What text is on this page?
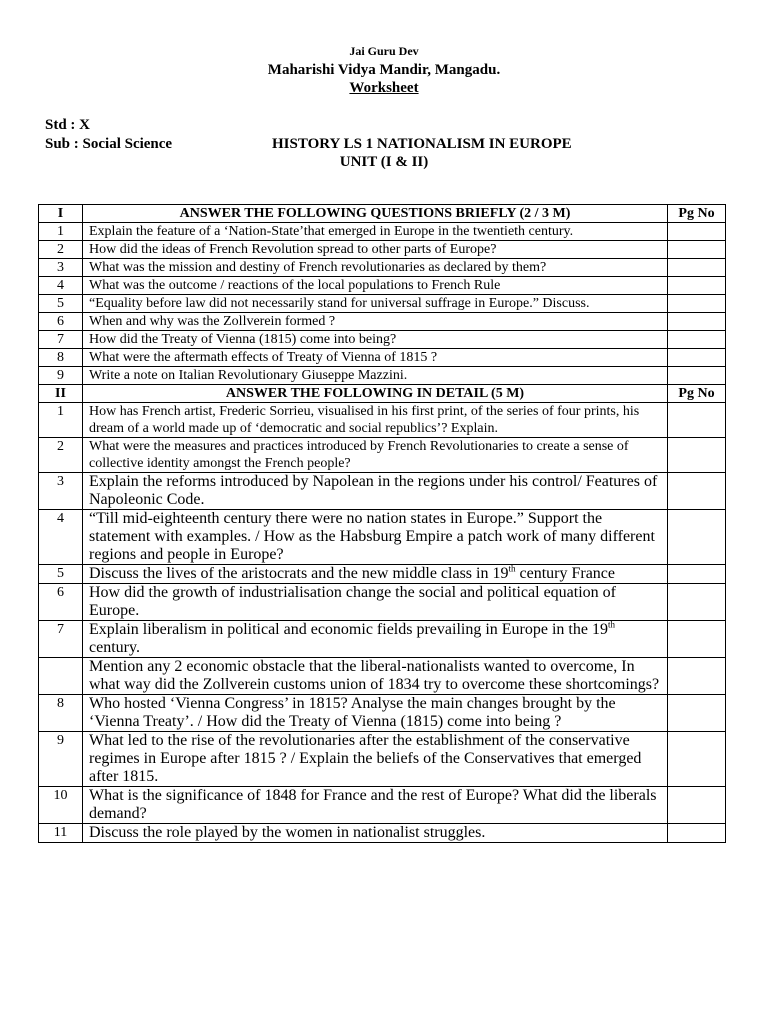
Jai Guru Dev
Maharishi Vidya Mandir, Mangadu.
Worksheet
Std : X
Sub : Social Science	HISTORY LS 1 NATIONALISM IN EUROPE
UNIT (I & II)
I	ANSWER THE FOLLOWING QUESTIONS BRIEFLY (2 / 3 M)	Pg No
1	Explain the feature of a ‘Nation-State’that emerged in Europe in the twentieth century.	
2	How did the ideas of French Revolution spread to other parts of Europe?	
3	What was the mission and destiny of French revolutionaries as declared by them?	
4	What was the outcome / reactions of the local populations to French Rule	
5	“Equality before law did not necessarily stand for universal suffrage in Europe.” Discuss.	
6	When and why was the Zollverein formed ?	
7	How did the Treaty of Vienna (1815) come into being?	
8	What were the aftermath effects of Treaty of Vienna of 1815 ?	
9	Write a note on Italian Revolutionary Giuseppe Mazzini.	
II	ANSWER THE FOLLOWING IN DETAIL (5 M)	Pg No
1	How has French artist, Frederic Sorrieu, visualised in his first print, of the series of four prints, his dream of a world made up of ‘democratic and social republics’? Explain.	
2	What were the measures and practices introduced by French Revolutionaries to create a sense of collective identity amongst the French people?	
3	Explain the reforms introduced by Napolean in the regions under his control/ Features of Napoleonic Code.	
4	“Till mid-eighteenth century there were no nation states in Europe.” Support the statement with examples. / How as the Habsburg Empire a patch work of many different regions and people in Europe?	
5	Discuss the lives of the aristocrats and the new middle class in 19th century France	
6	How did the growth of industrialisation change the social and political equation of Europe.	
7	Explain liberalism in political and economic fields prevailing in Europe in the 19th century.	
	Mention any 2 economic obstacle that the liberal-nationalists wanted to overcome, In what way did the Zollverein customs union of 1834 try to overcome these shortcomings?	
8	Who hosted ‘Vienna Congress’ in 1815? Analyse the main changes brought by the ‘Vienna Treaty’. / How did the Treaty of Vienna (1815) come into being ?	
9	What led to the rise of the revolutionaries after the establishment of the conservative regimes in Europe after 1815 ? / Explain the beliefs of the Conservatives that emerged after 1815.	
10	What is the significance of 1848 for France and the rest of Europe? What did the liberals demand?	
11	Discuss the role played by the women in nationalist struggles.	
